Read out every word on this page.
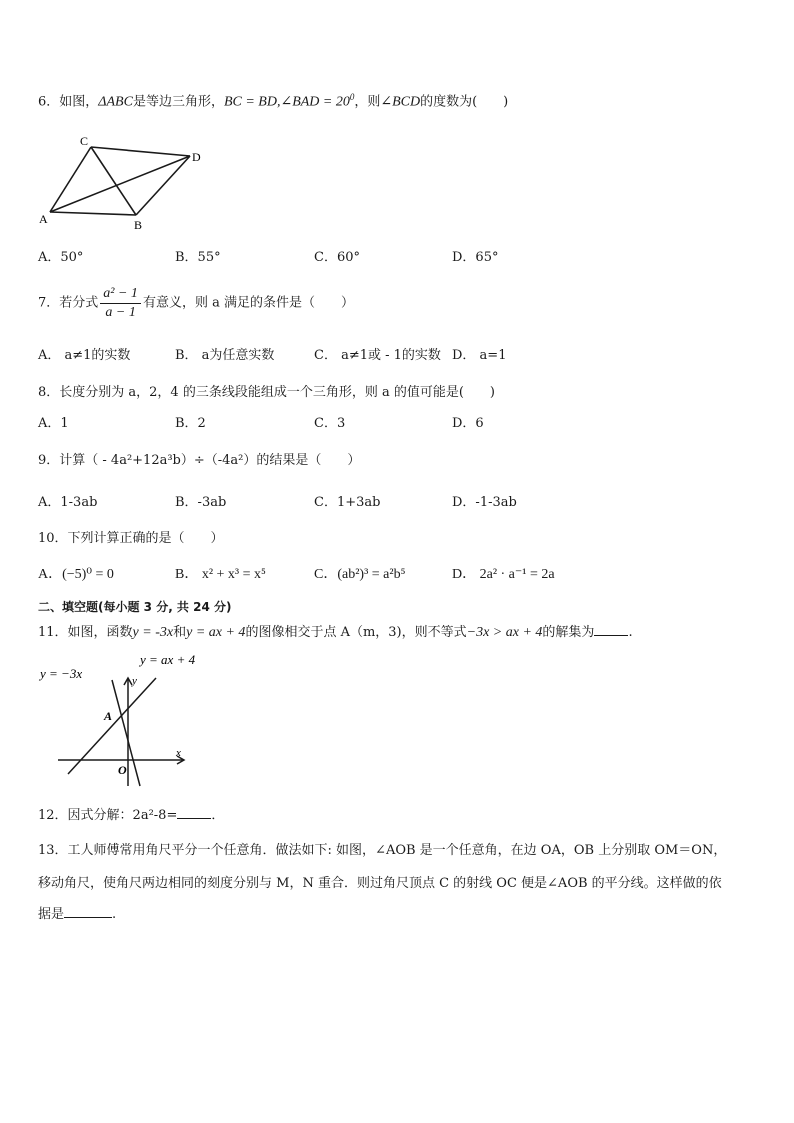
6．如图，ΔABC是等边三角形，BC = BD,∠BAD = $20^0$，则∠BCD的度数为(　　)
C
D
A	B
A．50°	B．55°	C．60°	D．65°
7．若分式 $\frac{\text{a² − 1}}{a - 1}$ 有意义，则 a 满足的条件是（　　）
A． a≠1的实数	B． a为任意实数	C． a≠1或 - 1的实数 D． a=1
8．长度分别为 a，2，4 的三条线段能组成一个三角形，则 a 的值可能是(　　)
A．1	B．2	C．3	D．6
9．计算（ - 4a²+12a³b）÷（-4a²）的结果是（　　）
A．1-3ab	B．-3ab	C．1+3ab	D．-1-3ab
10．下列计算正确的是（　　）
A．(−5)⁰ = 0	B． x² + x³ = x⁵	C．(ab²)³ = a²b⁵	D． 2a² · a⁻¹ = 2a
二、填空题(每小题 3 分, 共 24 分)
11．如图，函数y = -3x和y = ax + 4的图像相交于点 A（m，3)，则不等式−3x > ax + 4的解集为	.
y = −3x
y = ax + 4
y
x
A
O
12．因式分解：2a²-8=	．
13．工人师傅常用角尺平分一个任意角．做法如下: 如图，∠AOB 是一个任意角，在边 OA，OB 上分别取 OM＝ON，
移动角尺，使角尺两边相同的刻度分别与 M，N 重合．则过角尺顶点 C 的射线 OC 便是∠AOB 的平分线。这样做的依
据是	.
